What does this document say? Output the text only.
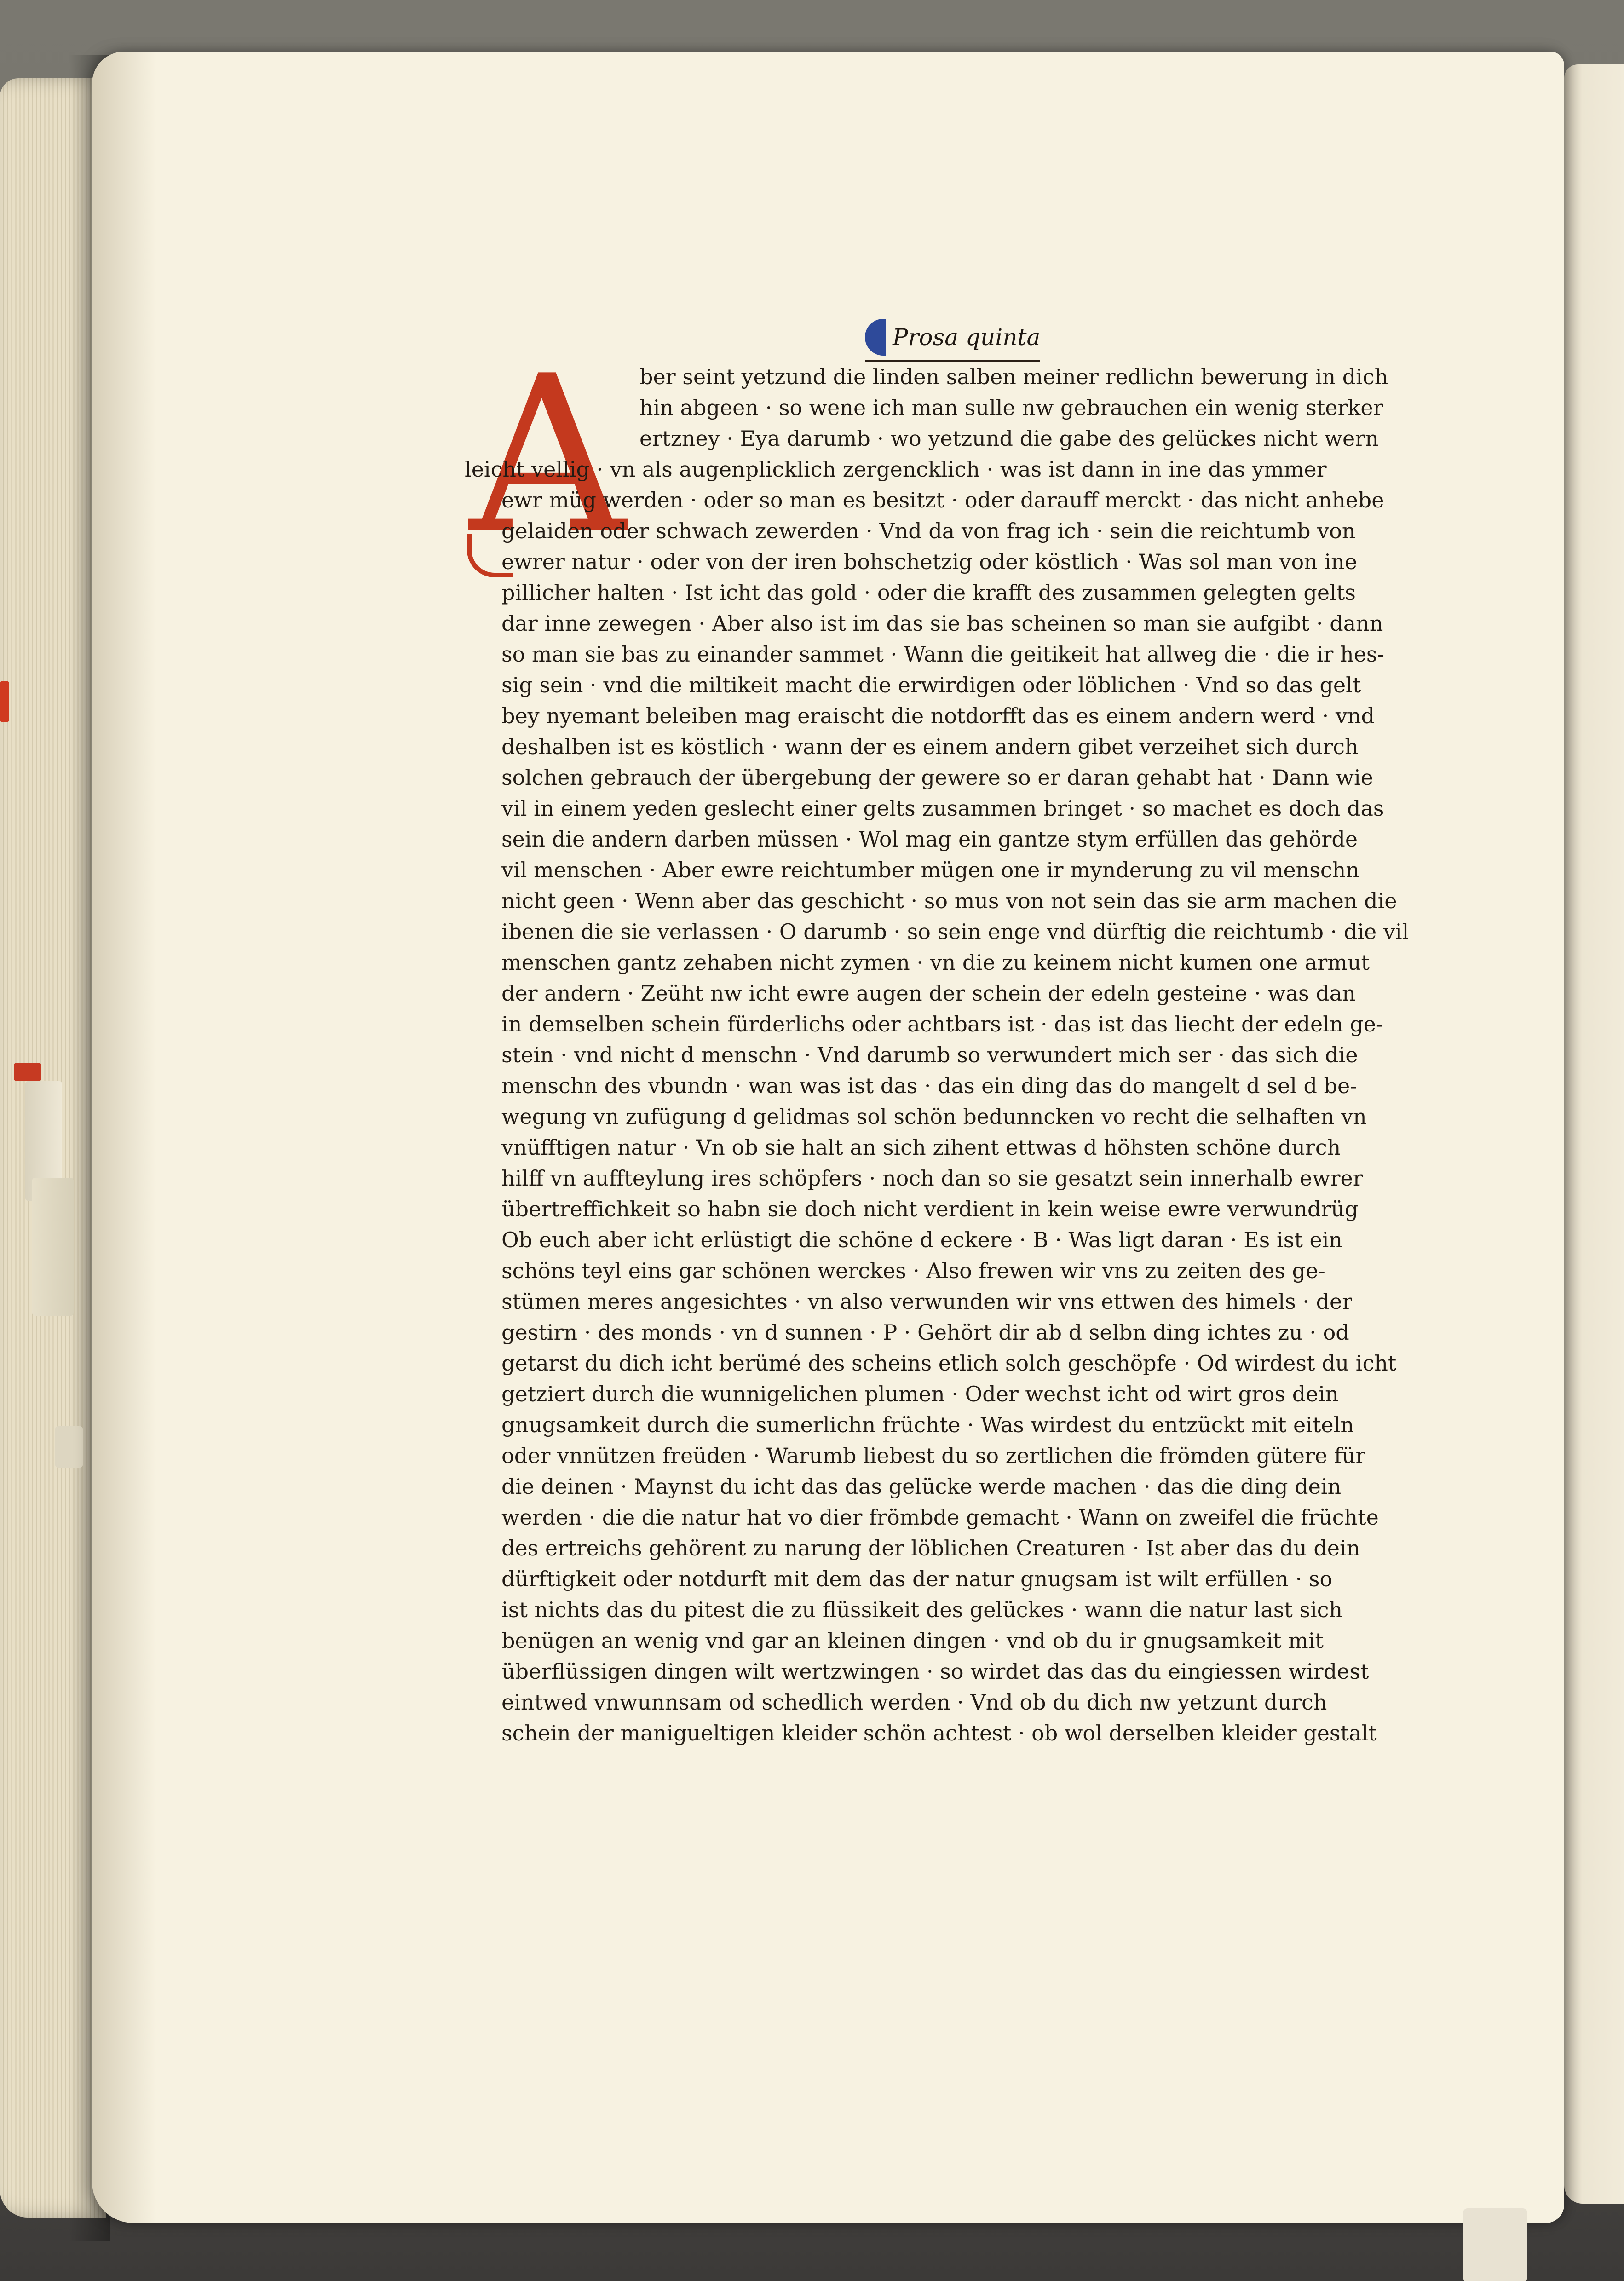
Prosa quinta
A ber seint yetzund die linden salben meiner redlichn bewerung in dich
hin abgeen · so wene ich man sulle nw gebrauchen ein wenig sterker
ertzney · Eya darumb · wo yetzund die gabe des gelückes nicht wern
leicht vellig · vn als augenplicklich zergencklich · was ist dann in ine das ymmer
ewr müg werden · oder so man es besitzt · oder darauff merckt · das nicht anhebe
gelaiden oder schwach zewerden · Vnd da von frag ich · sein die reichtumb von
ewrer natur · oder von der iren bohschetzig oder köstlich · Was sol man von ine
pillicher halten · Ist icht das gold · oder die krafft des zusammen gelegten gelts
dar inne zewegen · Aber also ist im das sie bas scheinen so man sie aufgibt · dann
so man sie bas zu einander sammet · Wann die geitikeit hat allweg die · die ir hes-
sig sein · vnd die miltikeit macht die erwirdigen oder löblichen · Vnd so das gelt
bey nyemant beleiben mag eraischt die notdorfft das es einem andern werd · vnd
deshalben ist es köstlich · wann der es einem andern gibet verzeihet sich durch
solchen gebrauch der übergebung der gewere so er daran gehabt hat · Dann wie
vil in einem yeden geslecht einer gelts zusammen bringet · so machet es doch das
sein die andern darben müssen · Wol mag ein gantze stym erfüllen das gehörde
vil menschen · Aber ewre reichtumber mügen one ir mynderung zu vil menschn
nicht geen · Wenn aber das geschicht · so mus von not sein das sie arm machen die
ibenen die sie verlassen · O darumb · so sein enge vnd dürftig die reichtumb · die vil
menschen gantz zehaben nicht zymen · vn die zu keinem nicht kumen one armut
der andern · Zeüht nw icht ewre augen der schein der edeln gesteine · was dan
in demselben schein fürderlichs oder achtbars ist · das ist das liecht der edeln ge-
stein · vnd nicht d menschn · Vnd darumb so verwundert mich ser · das sich die
menschn des vbundn · wan was ist das · das ein ding das do mangelt d sel d be-
wegung vn zufügung d gelidmas sol schön bedunncken vo recht die selhaften vn
vnüfftigen natur · Vn ob sie halt an sich zihent ettwas d höhsten schöne durch
hilff vn auffteylung ires schöpfers · noch dan so sie gesatzt sein innerhalb ewrer
übertreffichkeit so habn sie doch nicht verdient in kein weise ewre verwundrüg
Ob euch aber icht erlüstigt die schöne d eckere · B · Was ligt daran · Es ist ein
schöns teyl eins gar schönen werckes · Also frewen wir vns zu zeiten des ge-
stümen meres angesichtes · vn also verwunden wir vns ettwen des himels · der
gestirn · des monds · vn d sunnen · P · Gehört dir ab d selbn ding ichtes zu · od
getarst du dich icht berümé des scheins etlich solch geschöpfe · Od wirdest du icht
getziert durch die wunnigelichen plumen · Oder wechst icht od wirt gros dein
gnugsamkeit durch die sumerlichn früchte · Was wirdest du entzückt mit eiteln
oder vnnützen freüden · Warumb liebest du so zertlichen die frömden gütere für
die deinen · Maynst du icht das das gelücke werde machen · das die ding dein
werden · die die natur hat vo dier frömbde gemacht · Wann on zweifel die früchte
des ertreichs gehörent zu narung der löblichen Creaturen · Ist aber das du dein
dürftigkeit oder notdurft mit dem das der natur gnugsam ist wilt erfüllen · so
ist nichts das du pitest die zu flüssikeit des gelückes · wann die natur last sich
benügen an wenig vnd gar an kleinen dingen · vnd ob du ir gnugsamkeit mit
überflüssigen dingen wilt wertzwingen · so wirdet das das du eingiessen wirdest
eintwed vnwunnsam od schedlich werden · Vnd ob du dich nw yetzunt durch
schein der manigueltigen kleider schön achtest · ob wol derselben kleider gestalt
